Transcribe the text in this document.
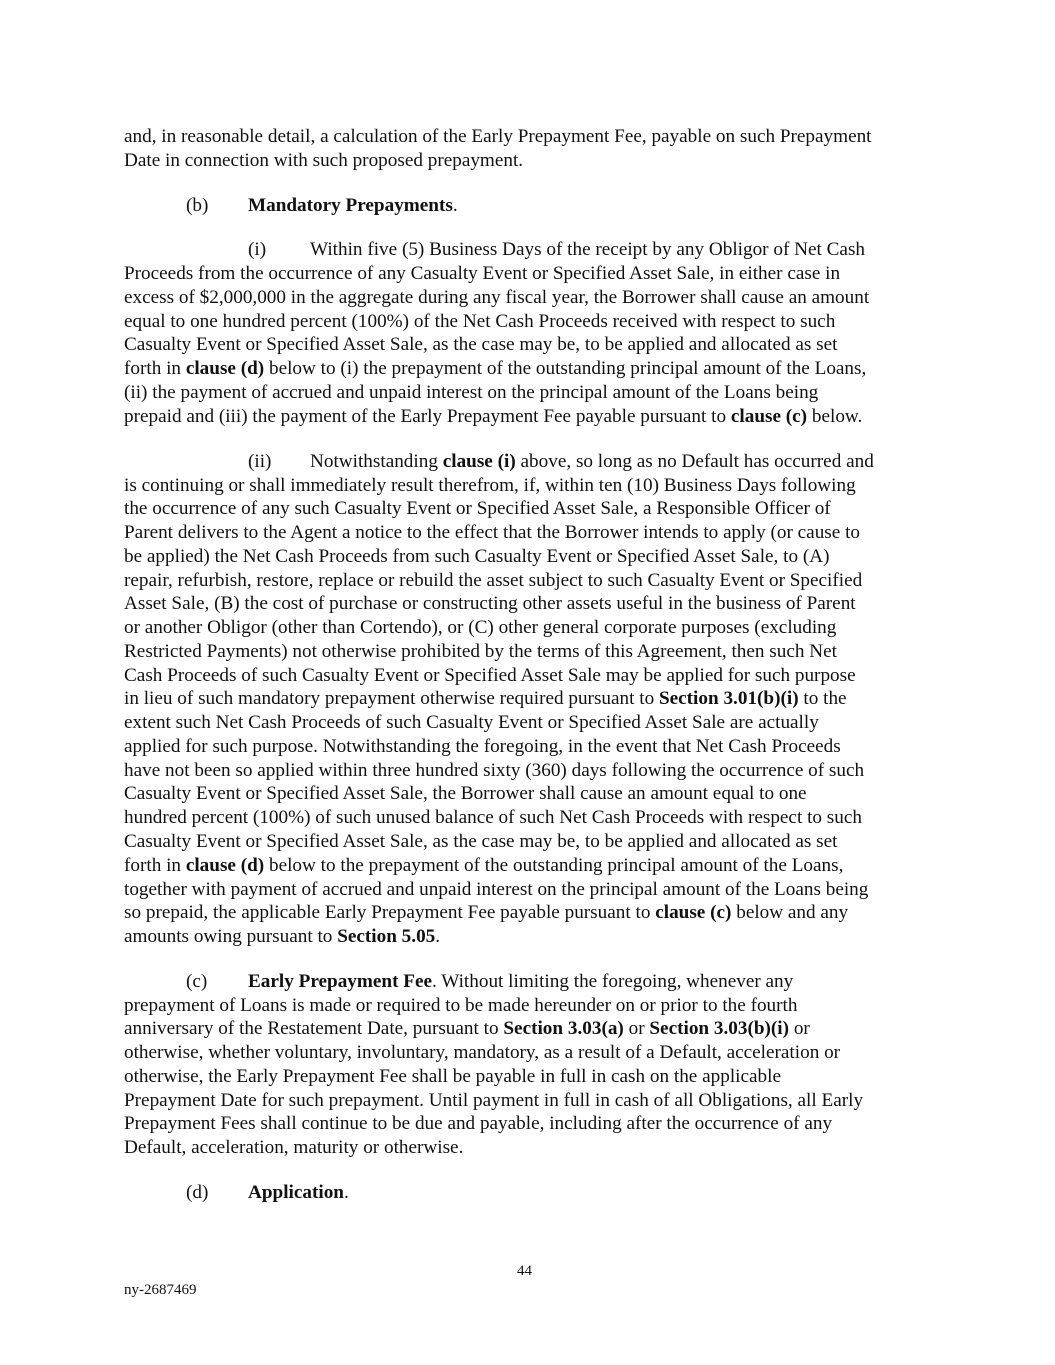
and, in reasonable detail, a calculation of the Early Prepayment Fee, payable on such Prepayment
Date in connection with such proposed prepayment.
(b) Mandatory Prepayments.
(i) Within five (5) Business Days of the receipt by any Obligor of Net Cash
Proceeds from the occurrence of any Casualty Event or Specified Asset Sale, in either case in
excess of $2,000,000 in the aggregate during any fiscal year, the Borrower shall cause an amount
equal to one hundred percent (100%) of the Net Cash Proceeds received with respect to such
Casualty Event or Specified Asset Sale, as the case may be, to be applied and allocated as set
forth in clause (d) below to (i) the prepayment of the outstanding principal amount of the Loans,
(ii) the payment of accrued and unpaid interest on the principal amount of the Loans being
prepaid and (iii) the payment of the Early Prepayment Fee payable pursuant to clause (c) below.
(ii) Notwithstanding clause (i) above, so long as no Default has occurred and
is continuing or shall immediately result therefrom, if, within ten (10) Business Days following
the occurrence of any such Casualty Event or Specified Asset Sale, a Responsible Officer of
Parent delivers to the Agent a notice to the effect that the Borrower intends to apply (or cause to
be applied) the Net Cash Proceeds from such Casualty Event or Specified Asset Sale, to (A)
repair, refurbish, restore, replace or rebuild the asset subject to such Casualty Event or Specified
Asset Sale, (B) the cost of purchase or constructing other assets useful in the business of Parent
or another Obligor (other than Cortendo), or (C) other general corporate purposes (excluding
Restricted Payments) not otherwise prohibited by the terms of this Agreement, then such Net
Cash Proceeds of such Casualty Event or Specified Asset Sale may be applied for such purpose
in lieu of such mandatory prepayment otherwise required pursuant to Section 3.01(b)(i) to the
extent such Net Cash Proceeds of such Casualty Event or Specified Asset Sale are actually
applied for such purpose. Notwithstanding the foregoing, in the event that Net Cash Proceeds
have not been so applied within three hundred sixty (360) days following the occurrence of such
Casualty Event or Specified Asset Sale, the Borrower shall cause an amount equal to one
hundred percent (100%) of such unused balance of such Net Cash Proceeds with respect to such
Casualty Event or Specified Asset Sale, as the case may be, to be applied and allocated as set
forth in clause (d) below to the prepayment of the outstanding principal amount of the Loans,
together with payment of accrued and unpaid interest on the principal amount of the Loans being
so prepaid, the applicable Early Prepayment Fee payable pursuant to clause (c) below and any
amounts owing pursuant to Section 5.05.
(c) Early Prepayment Fee. Without limiting the foregoing, whenever any
prepayment of Loans is made or required to be made hereunder on or prior to the fourth
anniversary of the Restatement Date, pursuant to Section 3.03(a) or Section 3.03(b)(i) or
otherwise, whether voluntary, involuntary, mandatory, as a result of a Default, acceleration or
otherwise, the Early Prepayment Fee shall be payable in full in cash on the applicable
Prepayment Date for such prepayment. Until payment in full in cash of all Obligations, all Early
Prepayment Fees shall continue to be due and payable, including after the occurrence of any
Default, acceleration, maturity or otherwise.
(d) Application.
44
ny-2687469
